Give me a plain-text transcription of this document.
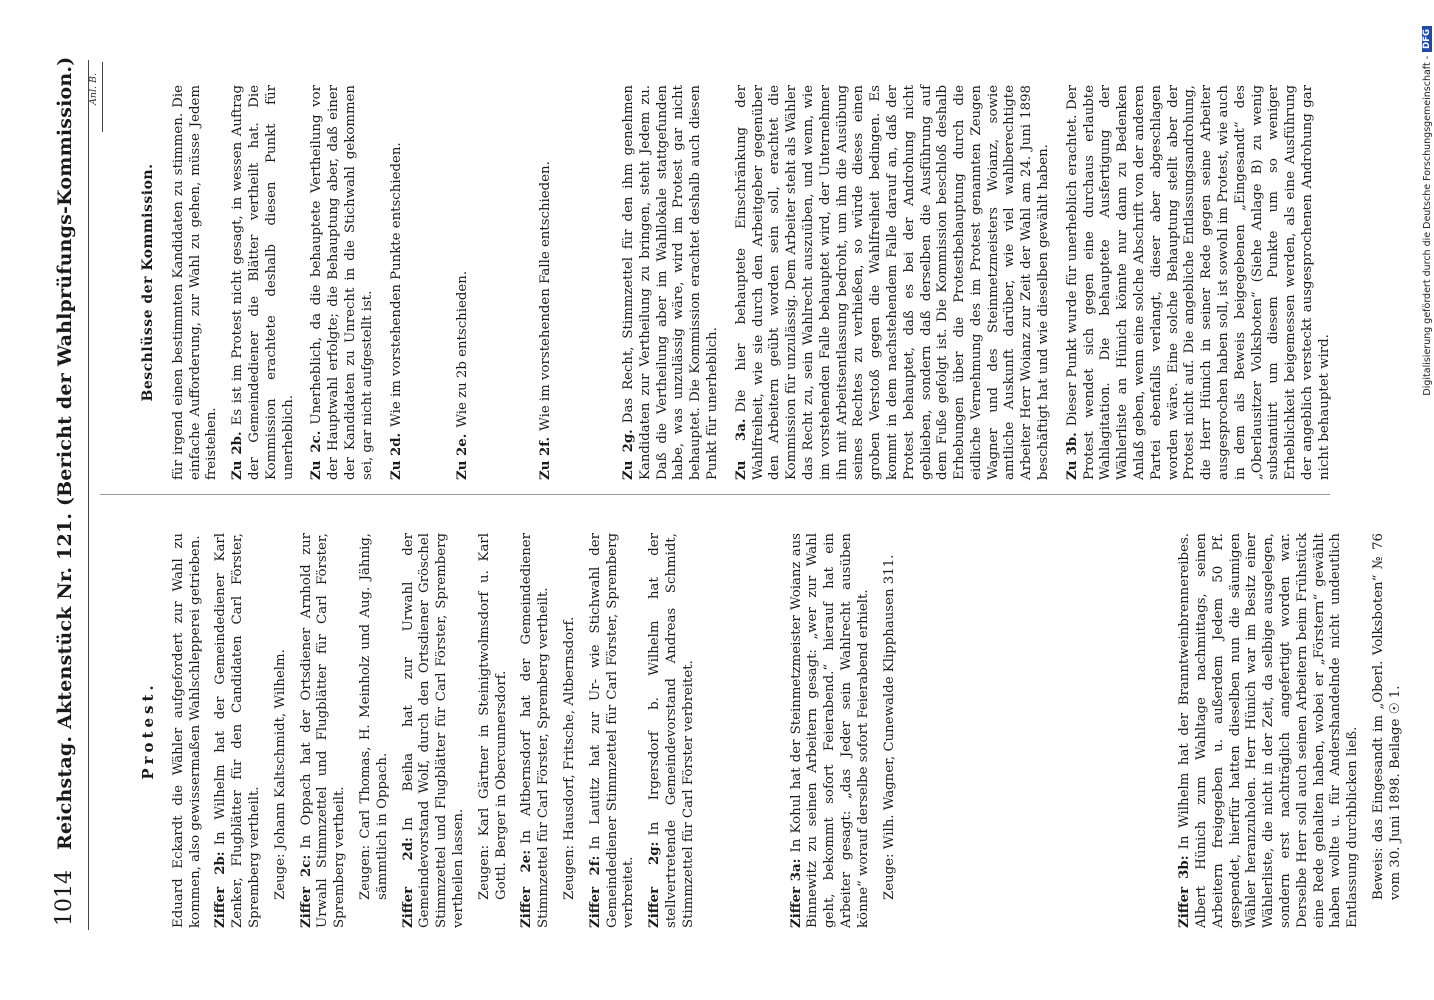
1014
Reichstag. Aktenstück Nr. 121. (Bericht der Wahlprüfungs-Kommission.) Anl. B.
Protest. Eduard Eckardt die Wähler aufgefordert zur Wahl zu kommen, also gewissermaßen Wahlschlepperei getrieben. Ziffer 2b:In Wilhelm hat der Gemeindediener Karl Zenker, Flugblätter für den Candidaten Carl Förster, Spremberg vertheilt. Zeuge: Johann Kaltschmidt, Wilhelm. Ziffer 2c:In Oppach hat der Ortsdiener Arnhold zur Urwahl Stimmzettel und Flugblätter für Carl Förster, Spremberg vertheilt. Zeugen: Carl Thomas, H. Meinholz und Aug. Jähnig, sämmtlich in Oppach. Ziffer 2d:In Beiha hat zur Urwahl der Gemeindevorstand Wolf, durch den Ortsdiener Gröschel Stimmzettel und Flugblätter für Carl Förster, Spremberg vertheilen lassen. Zeugen: Karl Gärtner in Steinigtwolmsdorf u. Karl Gottl. Berger in Obercunnersdorf. Ziffer 2e:In Altbernsdorf hat der Gemeindediener Stimmzettel für Carl Förster, Spremberg vertheilt. Zeugen: Hausdorf, Fritsche, Altbernsdorf. Ziffer 2f:In Lautitz hat zur Ur- wie Stichwahl der Gemeindediener Stimmzettel für Carl Förster, Spremberg verbreitet. Ziffer 2g:In Irgersdorf b. Wilhelm hat der stellvertretende Gemeindevorstand Andreas Schmidt, Stimmzettel für Carl Förster verbreitet.	Ziffer 3a:In Kohul hat der Steinmetzmeister Woianz aus Binnewitz zu seinen Arbeitern gesagt: „wer zur Wahl geht, bekommt sofort Feierabend.“ hierauf hat ein Arbeiter gesagt: „das Jeder sein Wahlrecht ausüben könne“ worauf derselbe sofort Feierabend erhielt. Zeuge: Wilh. Wagner, Cunewalde Klipphausen 311.	Ziffer 3b:In Wilhelm hat der Branntweinbrennereibes. Albert Hünich zum Wahltage nachmittags, seinen Arbeitern freigegeben u. außerdem Jedem 50 Pf. gespendet, hierfür hatten dieselben nun die säumigen Wähler heranzuholen. Herr Hünich war im Besitz einer Wählerliste, die nicht in der Zeit, da selbige ausgelegen, sondern erst nachträglich angefertigt worden war. Derselbe Herr soll auch seinen Arbeitern beim Frühstück eine Rede gehalten haben, wobei er „Förstern“ gewählt haben wollte u. für Andershandelnde nicht undeutlich Entlassung durchblicken ließ. Beweis: das Eingesandt im „Oberl. Volksboten“ № 76 vom 30. Juni 1898. Beilage ☉ 1.

Beschlüsse der Kommission. für irgend einen bestimmten Kandidaten zu stimmen. Die einfache Aufforderung, zur Wahl zu gehen, müsse Jedem freistehen. Zu 2b.Es ist im Protest nicht gesagt, in wessen Auftrag der Gemeindediener die Blätter vertheilt hat. Die Kommission erachtete deshalb diesen Punkt für unerheblich. Zu 2c.Unerheblich, da die behauptete Vertheilung vor der Hauptwahl erfolgte; die Behauptung aber, daß einer der Kandidaten zu Unrecht in die Stichwahl gekommen sei, gar nicht aufgestellt ist. Zu 2d.Wie im vorstehenden Punkte entschieden.

Zu 2e.Wie zu 2b entschieden.

Zu 2f.Wie im vorstehenden Falle entschieden.

Zu 2g.Das Recht, Stimmzettel für den ihm genehmen Kandidaten zur Vertheilung zu bringen, steht Jedem zu. Daß die Vertheilung aber im Wahllokale stattgefunden habe, was unzulässig wäre, wird im Protest gar nicht behauptet. Die Kommission erachtet deshalb auch diesen Punkt für unerheblich. Zu 3a.Die hier behauptete Einschränkung der Wahlfreiheit, wie sie durch den Arbeitgeber gegenüber den Arbeitern geübt worden sein soll, erachtet die Kommission für unzulässig. Dem Arbeiter steht als Wähler das Recht zu, sein Wahlrecht auszuüben, und wenn, wie im vorstehenden Falle behauptet wird, der Unternehmer ihn mit Arbeitsentlassung bedroht, um ihn die Ausübung seines Rechtes zu verhießen, so würde dieses einen groben Verstoß gegen die Wahlfreiheit bedingen. Es kommt in dem nachstehendem Falle darauf an, daß der Protest behauptet, daß es bei der Androhung nicht geblieben, sondern daß derselben die Ausführung auf dem Fuße gefolgt ist. Die Kommission beschloß deshalb Erhebungen über die Protestbehauptung durch die eidliche Vernehmung des im Protest genannten Zeugen Wagner und des Steinmetzmeisters Woianz, sowie amtliche Auskunft darüber, wie viel wahlberechtigte Arbeiter Herr Woianz zur Zeit der Wahl am 24. Juni 1898 beschäftigt hat und wie dieselben gewählt haben. Zu 3b.Dieser Punkt wurde für unerheblich erachtet. Der Protest wendet sich gegen eine durchaus erlaubte Wahlagitation. Die behauptete Ausfertigung der Wählerliste an Hünich könnte nur dann zu Bedenken Anlaß geben, wenn eine solche Abschrift von der anderen Partei ebenfalls verlangt, dieser aber abgeschlagen worden wäre. Eine solche Behauptung stellt aber der Protest nicht auf. Die angebliche Entlassungsandrohung, die Herr Hünich in seiner Rede gegen seine Arbeiter ausgesprochen haben soll, ist sowohl im Protest, wie auch in dem als Beweis beigegebenen „Eingesandt“ des „Oberlausitzer Volksboten“ (Siehe Anlage B) zu wenig substantiirt um diesem Punkte um so weniger Erheblichkeit beigemessen werden, als eine Ausführung der angeblich versteckt ausgesprochenen Androhung gar nicht behauptet wird.

Digitalisierung gefördert durch die Deutsche Forschungsgemeinschaft -
DFG
